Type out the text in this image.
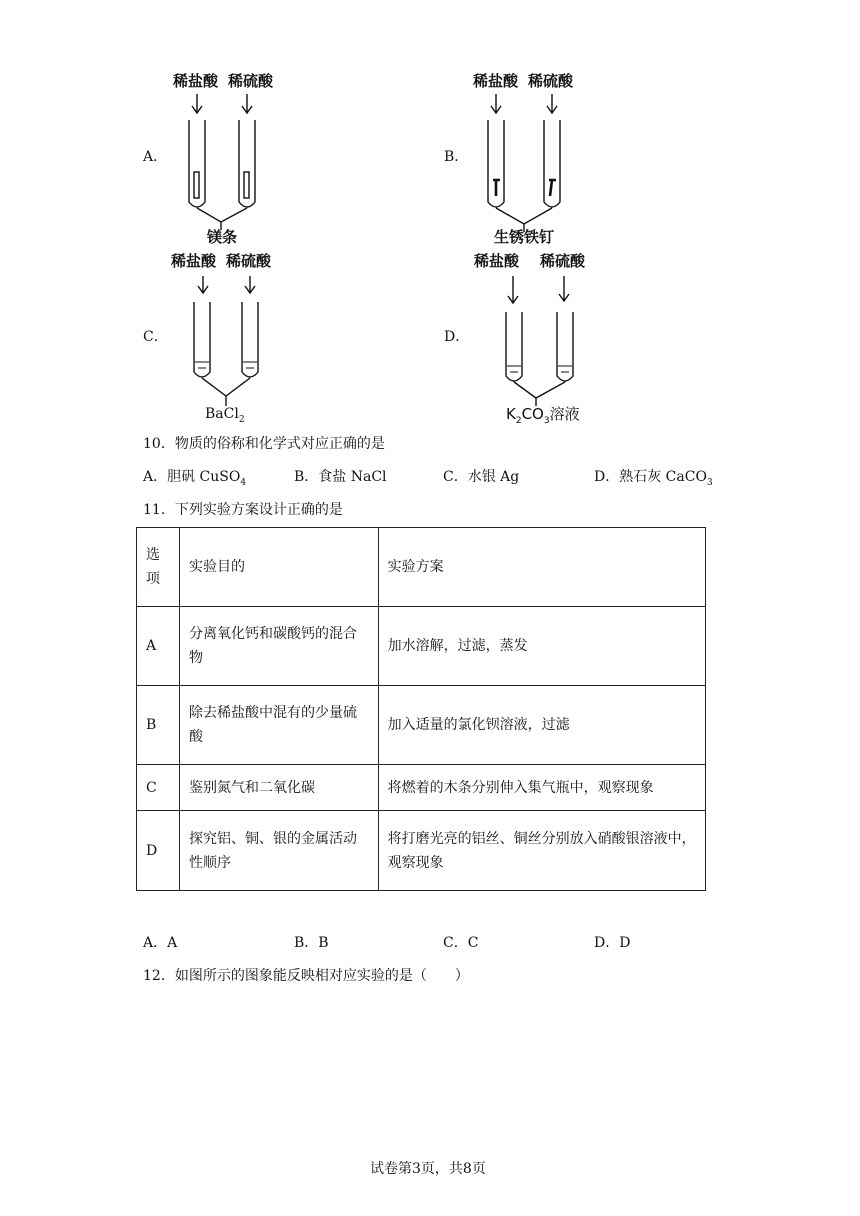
A．
稀盐酸 稀硫酸
镁条
B．
稀盐酸 稀硫酸
生锈铁钉
C．
稀盐酸 稀硫酸
BaCl$_2$
D．
稀盐酸 稀硫酸
$K_2CO_3$溶液
10．物质的俗称和化学式对应正确的是
A．胆矾 CuSO$_4$	B．食盐 NaCl	C．水银 Ag	D．熟石灰 CaCO$_3$
11．下列实验方案设计正确的是
选项	实验目的	实验方案
A	分离氧化钙和碳酸钙的混合物	加水溶解，过滤，蒸发
B	除去稀盐酸中混有的少量硫酸	加入适量的氯化钡溶液，过滤
C	鉴别氮气和二氧化碳	将燃着的木条分别伸入集气瓶中，观察现象
D	探究铝、铜、银的金属活动性顺序	将打磨光亮的铝丝、铜丝分别放入硝酸银溶液中，观察现象
A．A	B．B	C．C	D．D
12．如图所示的图象能反映相对应实验的是（　　）
试卷第3页，共8页
